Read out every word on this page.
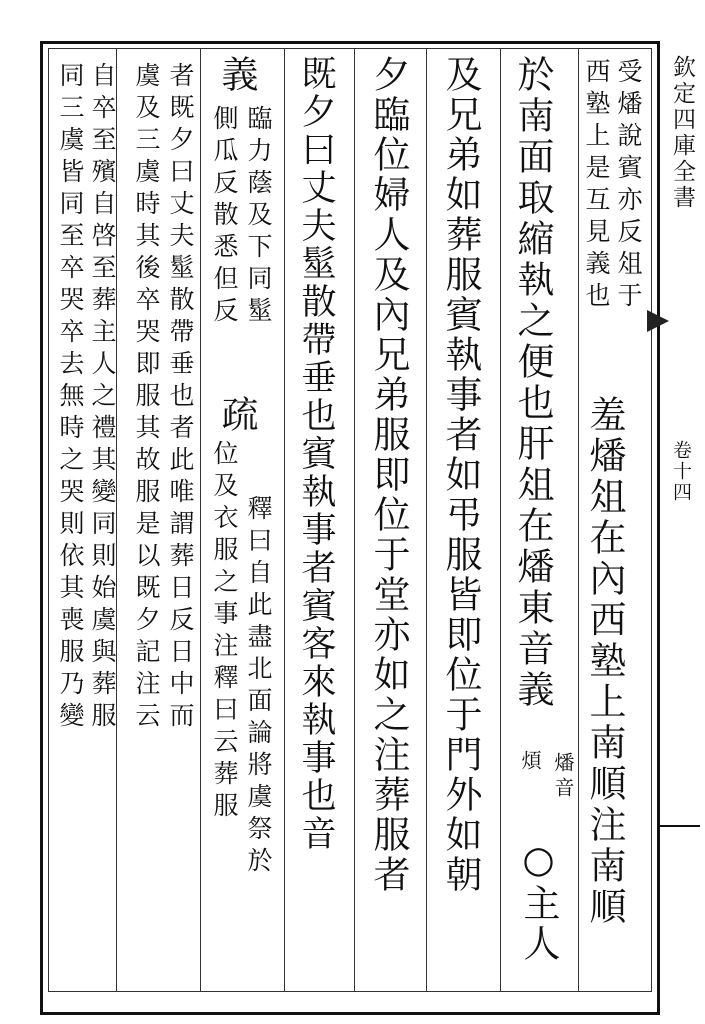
欽定四庫全書
卷十四
受燔說賓亦反俎于
西塾上是互見義也
羞燔俎在內西塾上南順注南順
於南面取縮執之便也肝俎在燔東音義
燔音
煩
○主人
及兄弟如葬服賓執事者如弔服皆即位于門外如朝
夕臨位婦人及內兄弟服即位于堂亦如之注葬服者
既夕曰丈夫髽散帶垂也賓執事者賓客來執事也音
義
臨力蔭及下同髽
側瓜反散悉但反
疏
釋曰自此盡北面論將虞祭於
位及衣服之事注釋曰云葬服
者既夕曰丈夫髽散帶垂也者此唯謂葬日反日中而
虞及三虞時其後卒哭即服其故服是以既夕記注云
自卒至殯自啓至葬主人之禮其變同則始虞與葬服
同三虞皆同至卒哭卒去無時之哭則依其喪服乃變
